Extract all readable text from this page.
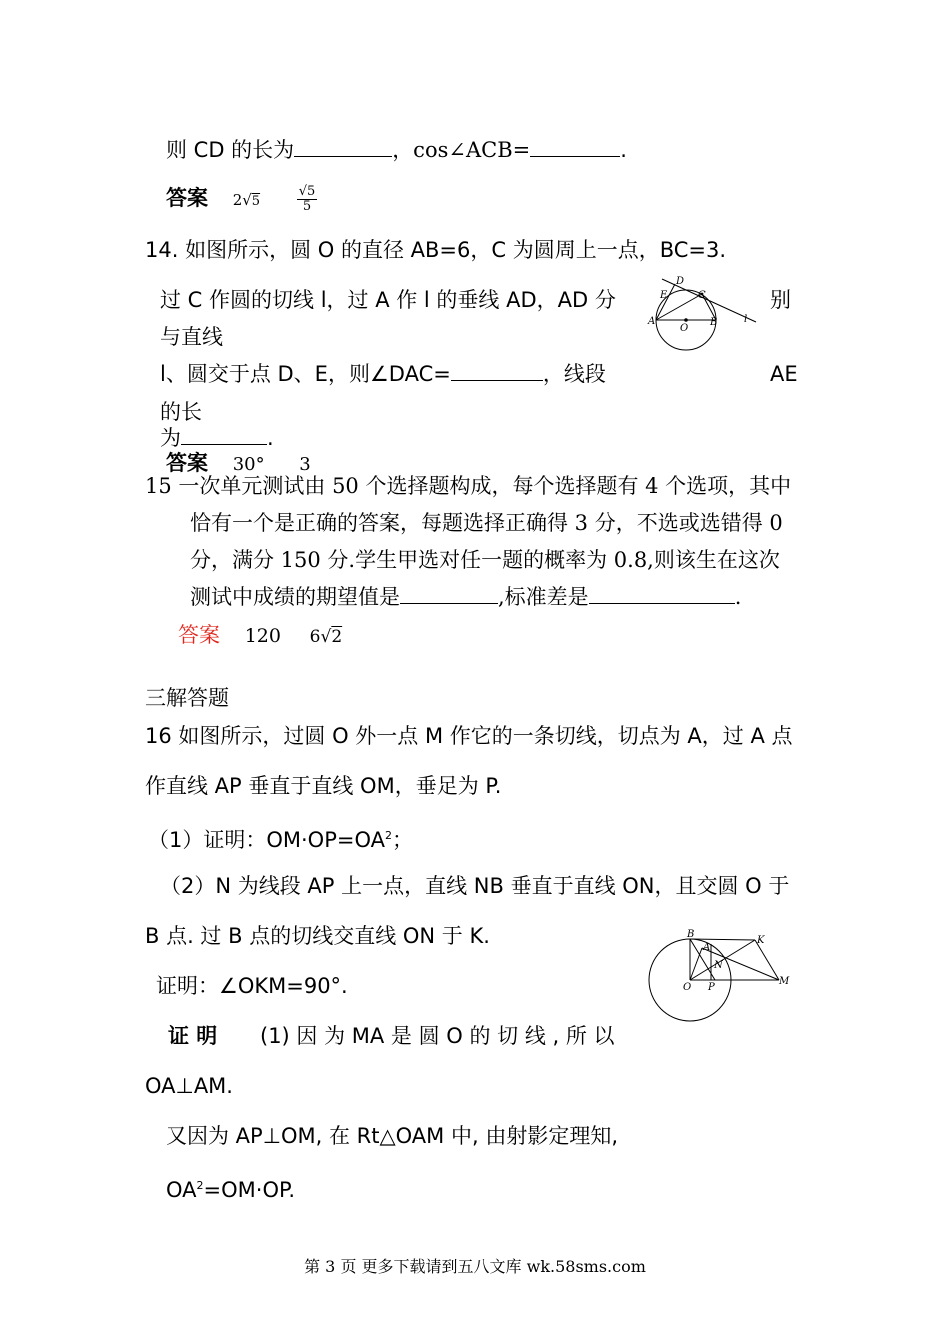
则 CD 的长为	，cos∠ACB=	.
答案 2√5	$\frac{√5}{5}$
14. 如图所示，圆 O 的直径 AB=6，C 为圆周上一点，BC=3.
过 C 作圆的切线 l，过 A 作 l 的垂线 AD，AD 分	别
与直线
l、圆交于点 D、E，则∠DAC=	，线段	AE
的长
为	.
答案 30° 3
D
E	C
A
O
B	l
15 一次单元测试由 50 个选择题构成，每个选择题有 4 个选项，其中
恰有一个是正确的答案，每题选择正确得 3 分，不选或选错得 0
分，满分 150 分.学生甲选对任一题的概率为 0.8,则该生在这次
测试中成绩的期望值是	,标准差是	.
答案 120 6√2
三解答题
16 如图所示，过圆 O 外一点 M 作它的一条切线，切点为 A，过 A 点
作直线 AP 垂直于直线 OM，垂足为 P.
（1）证明：$OM\cdot OP=OA^2$；
（2）N 为线段 AP 上一点，直线 NB 垂直于直线 ON，且交圆 O 于
B 点. 过 B 点的切线交直线 ON 于 K.
证明：∠OKM=90°.
证 明 (1) 因 为 MA 是 圆 O 的 切 线 , 所 以
OA⊥AM.
又因为 AP⊥OM, 在 Rt△OAM 中, 由射影定理知,
$OA^2=OM\cdot OP$.
B
A
K
N
O P
M
第 3 页 更多下载请到五八文库 wk.58sms.com
